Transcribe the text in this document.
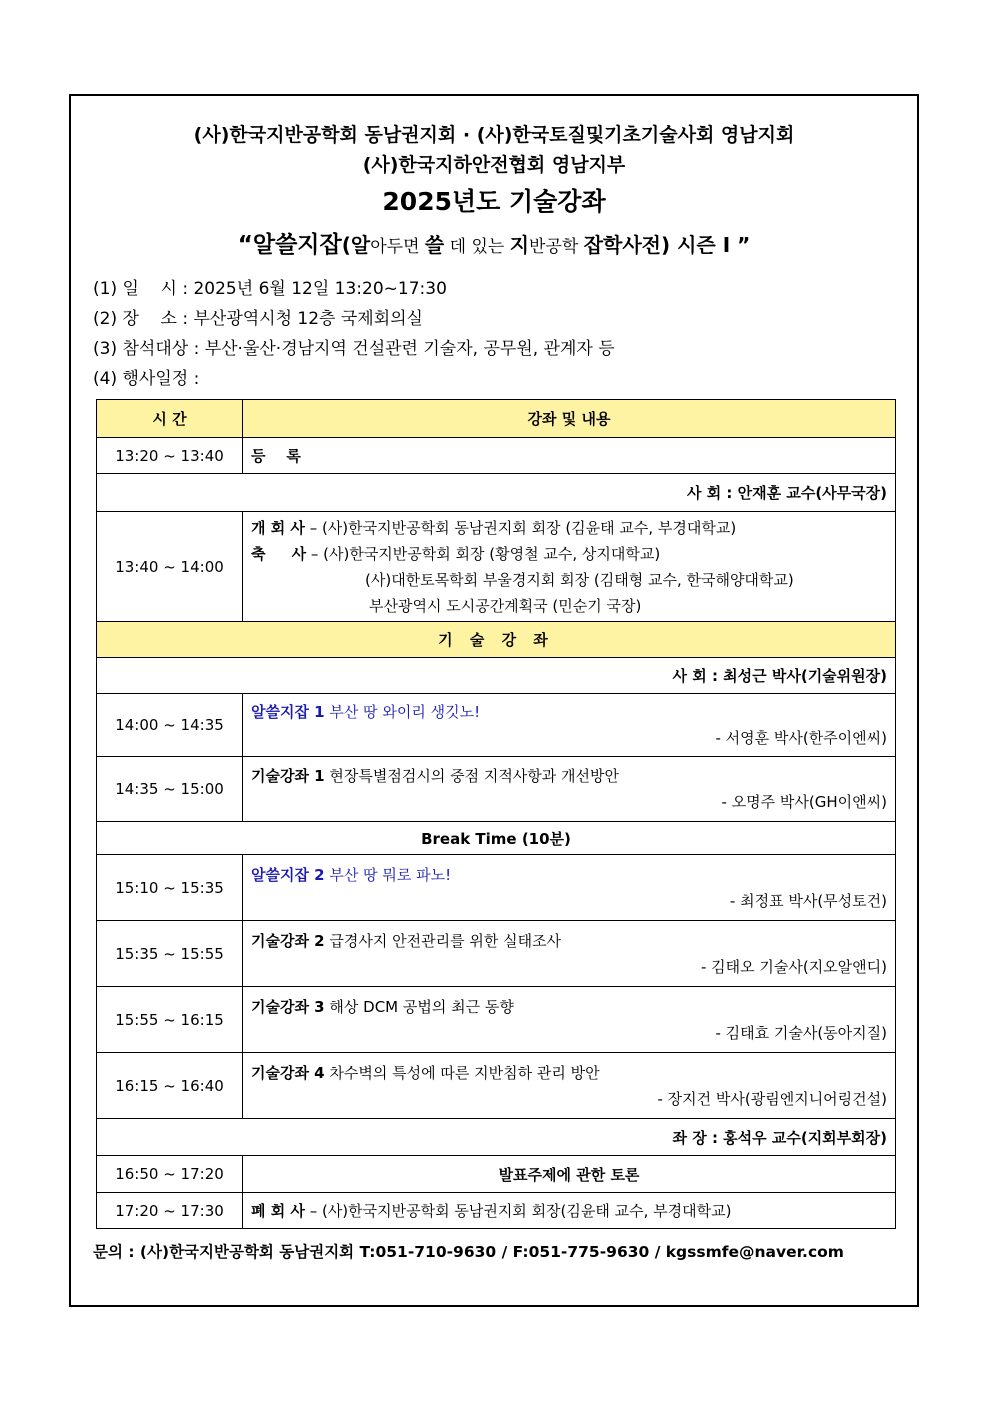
(사)한국지반공학회 동남권지회 · (사)한국토질및기초기술사회 영남지회
(사)한국지하안전협회 영남지부
2025년도 기술강좌
“알쓸지잡(알아두면 쓸 데 있는 지반공학 잡학사전) 시즌 Ⅰ ”
(1) 일    시 : 2025년 6월 12일 13:20~17:30
(2) 장    소 : 부산광역시청 12층 국제회의실
(3) 참석대상 : 부산·울산·경남지역 건설관련 기술자, 공무원, 관계자 등
(4) 행사일정 :
시 간	강좌 및 내용
13:20 ~ 13:40	등    록
사 회 : 안재훈 교수(사무국장)	
13:40 ~ 14:00	개 회 사 – (사)한국지반공학회 동남권지회 회장 (김윤태 교수, 부경대학교)
축     사 – (사)한국지반공학회 회장 (황영철 교수, 상지대학교)
(사)대한토목학회 부울경지회 회장 (김태형 교수, 한국해양대학교)
부산광역시 도시공간계획국 (민순기 국장)

기 술 강 좌	
사 회 : 최성근 박사(기술위원장)	
14:00 ~ 14:35	알쓸지잡 1 부산 땅 와이리 생깃노!
- 서영훈 박사(한주이엔씨)

14:35 ~ 15:00	기술강좌 1 현장특별점검시의 중점 지적사항과 개선방안
- 오명주 박사(GH이앤씨)

Break Time (10분)	
15:10 ~ 15:35	알쓸지잡 2 부산 땅 뭐로 파노!
- 최정표 박사(무성토건)

15:35 ~ 15:55	기술강좌 2 급경사지 안전관리를 위한 실태조사
- 김태오 기술사(지오알앤디)

15:55 ~ 16:15	기술강좌 3 해상 DCM 공법의 최근 동향
- 김태효 기술사(동아지질)

16:15 ~ 16:40	기술강좌 4 차수벽의 특성에 따른 지반침하 관리 방안
- 장지건 박사(광림엔지니어링건설)

좌 장 : 홍석우 교수(지회부회장)	
16:50 ~ 17:20	발표주제에 관한 토론
17:20 ~ 17:30	폐 회 사 – (사)한국지반공학회 동남권지회 회장(김윤태 교수, 부경대학교)
문의 : (사)한국지반공학회 동남권지회 T:051-710-9630 / F:051-775-9630 / kgssmfe@naver.com
